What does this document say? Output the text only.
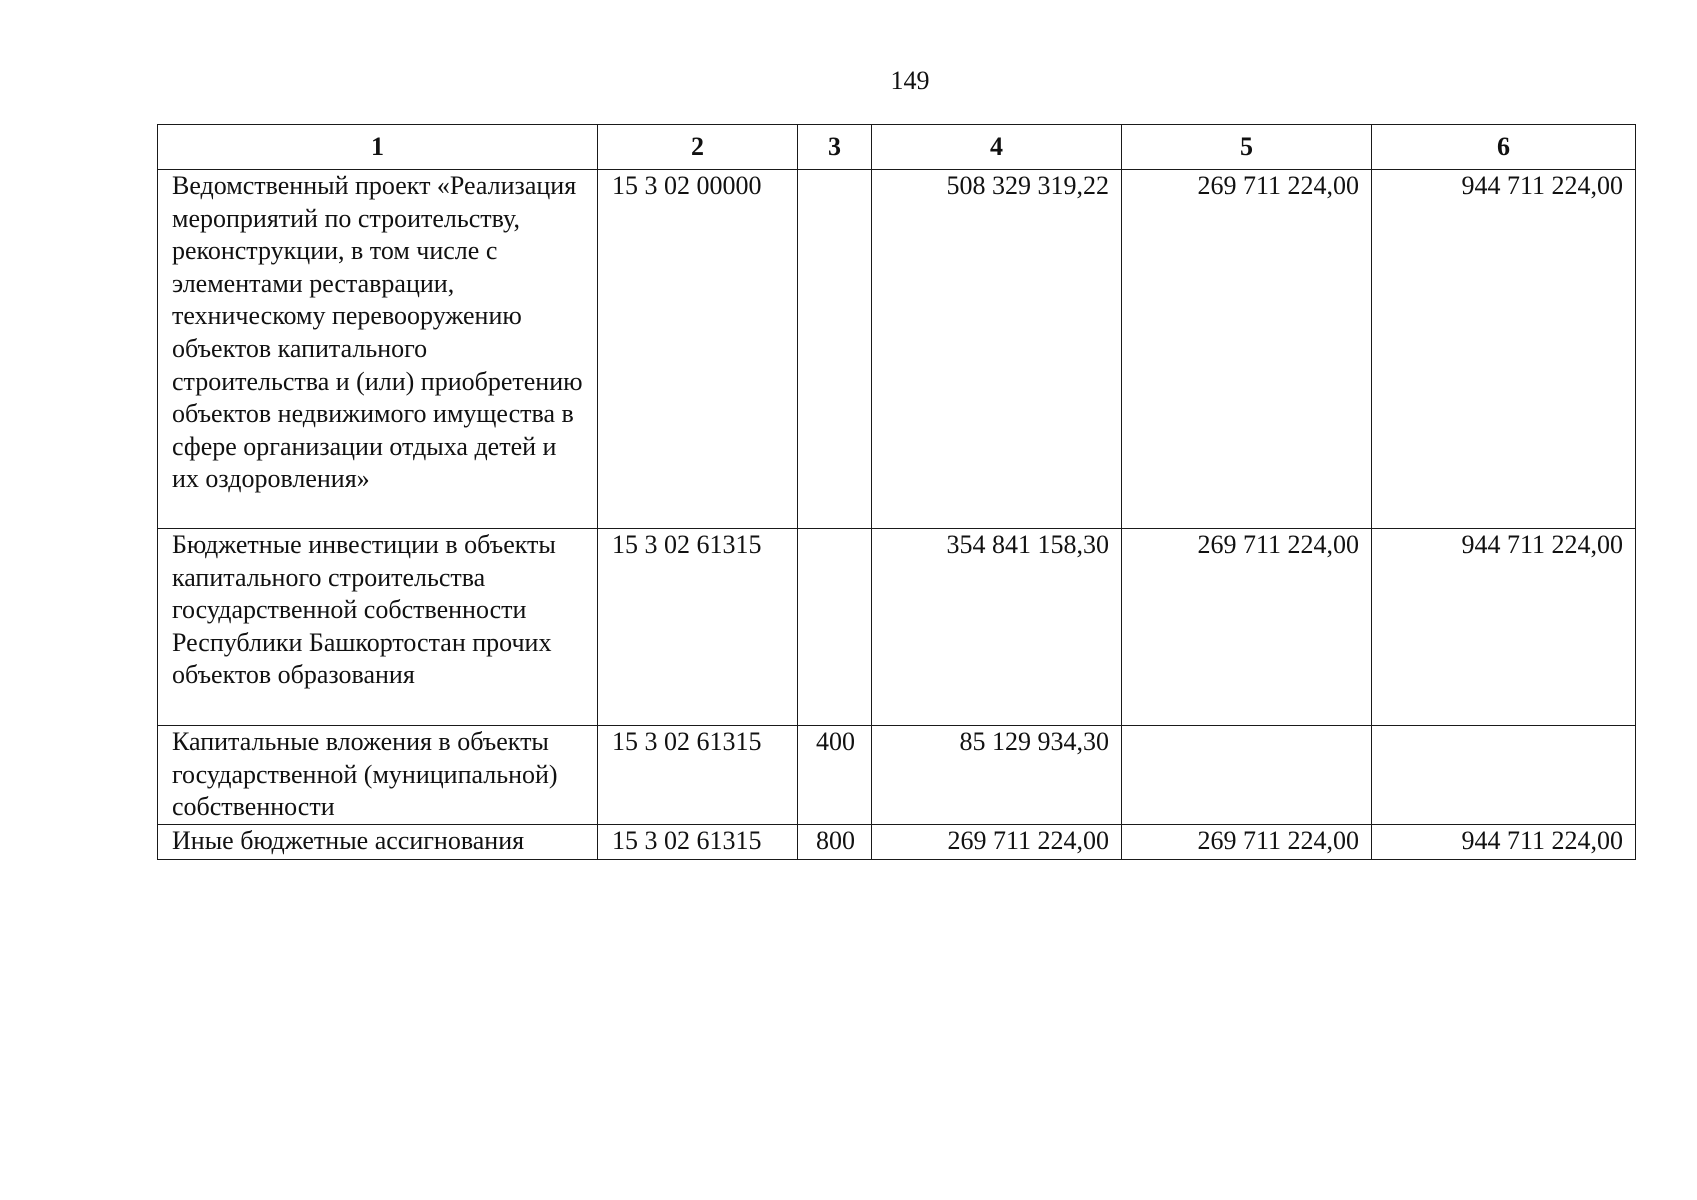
149
1	2	3	4	5	6
Ведомственный проект «Реализация мероприятий по строительству, реконструкции, в том числе с элементами реставрации, техническому перевооружению объектов капитального строительства и (или) приобретению объектов недвижимого имущества в сфере организации отдыха детей и их оздоровления»	15 3 02 00000		508 329 319,22	269 711 224,00	944 711 224,00
Бюджетные инвестиции в объекты капитального строительства государственной собственности Республики Башкортостан прочих объектов образования	15 3 02 61315		354 841 158,30	269 711 224,00	944 711 224,00
Капитальные вложения в объекты государственной (муниципальной) собственности	15 3 02 61315	400	85 129 934,30		
Иные бюджетные ассигнования	15 3 02 61315	800	269 711 224,00	269 711 224,00	944 711 224,00
